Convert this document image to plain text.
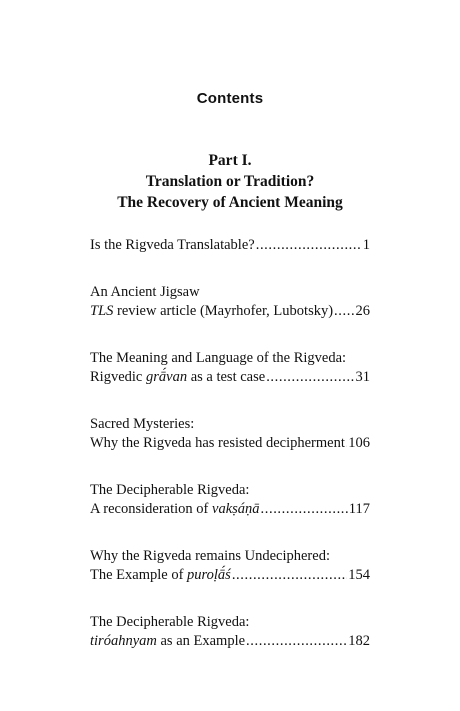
Contents
Part I.
Translation or Tradition?
The Recovery of Ancient Meaning
Is the Rigveda Translatable? .....	1
An Ancient Jigsaw
TLS review article (Mayrhofer, Lubotsky) ..... 26
The Meaning and Language of the Rigveda:
Rigvedic grā́van as a test case .....	31
Sacred Mysteries:
Why the Rigveda has resisted decipherment ..... 106
The Decipherable Rigveda:
A reconsideration of vakṣáṇā .....	117
Why the Rigveda remains Undeciphered:
The Example of puroḷā́ś .....	154
The Decipherable Rigveda:
tiróahnyam as an Example .....	182
